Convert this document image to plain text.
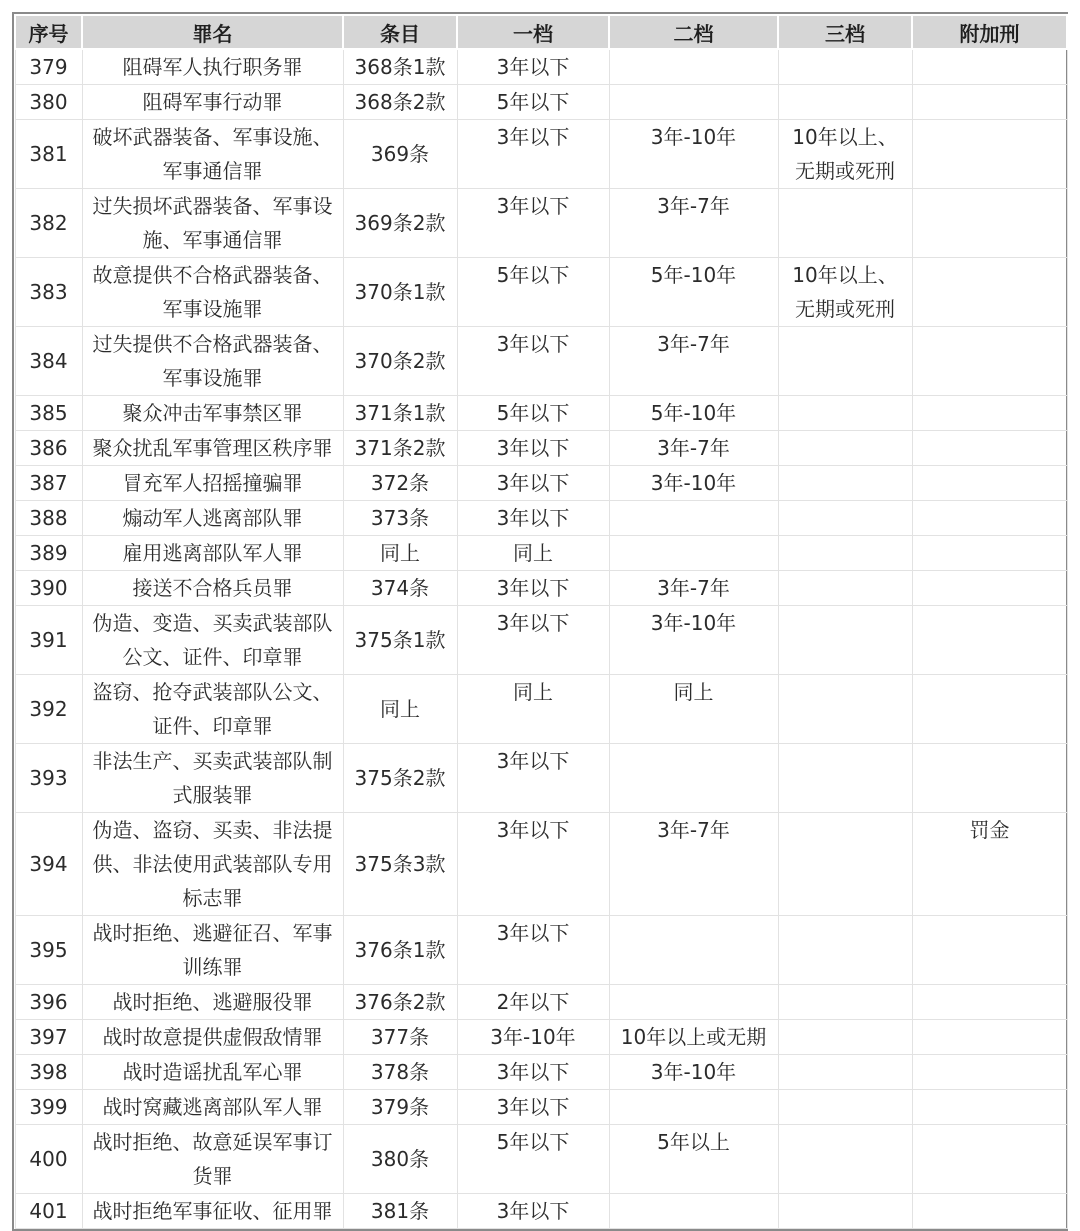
序号	罪名	条目	一档	二档	三档	附加刑
379	阻碍军人执行职务罪	368条1款	3年以下			
380	阻碍军事行动罪	368条2款	5年以下			
381	破坏武器装备、军事设施、军事通信罪	369条	3年以下	3年-10年	10年以上、无期或死刑	
382	过失损坏武器装备、军事设施、军事通信罪	369条2款	3年以下	3年-7年		
383	故意提供不合格武器装备、军事设施罪	370条1款	5年以下	5年-10年	10年以上、无期或死刑	
384	过失提供不合格武器装备、军事设施罪	370条2款	3年以下	3年-7年		
385	聚众冲击军事禁区罪	371条1款	5年以下	5年-10年		
386	聚众扰乱军事管理区秩序罪	371条2款	3年以下	3年-7年		
387	冒充军人招摇撞骗罪	372条	3年以下	3年-10年		
388	煽动军人逃离部队罪	373条	3年以下			
389	雇用逃离部队军人罪	同上	同上			
390	接送不合格兵员罪	374条	3年以下	3年-7年		
391	伪造、变造、买卖武装部队公文、证件、印章罪	375条1款	3年以下	3年-10年		
392	盗窃、抢夺武装部队公文、证件、印章罪	同上	同上	同上		
393	非法生产、买卖武装部队制式服装罪	375条2款	3年以下			
394	伪造、盗窃、买卖、非法提供、非法使用武装部队专用标志罪	375条3款	3年以下	3年-7年		罚金
395	战时拒绝、逃避征召、军事训练罪	376条1款	3年以下			
396	战时拒绝、逃避服役罪	376条2款	2年以下			
397	战时故意提供虚假敌情罪	377条	3年-10年	10年以上或无期		
398	战时造谣扰乱军心罪	378条	3年以下	3年-10年		
399	战时窝藏逃离部队军人罪	379条	3年以下			
400	战时拒绝、故意延误军事订货罪	380条	5年以下	5年以上		
401	战时拒绝军事征收、征用罪	381条	3年以下			
